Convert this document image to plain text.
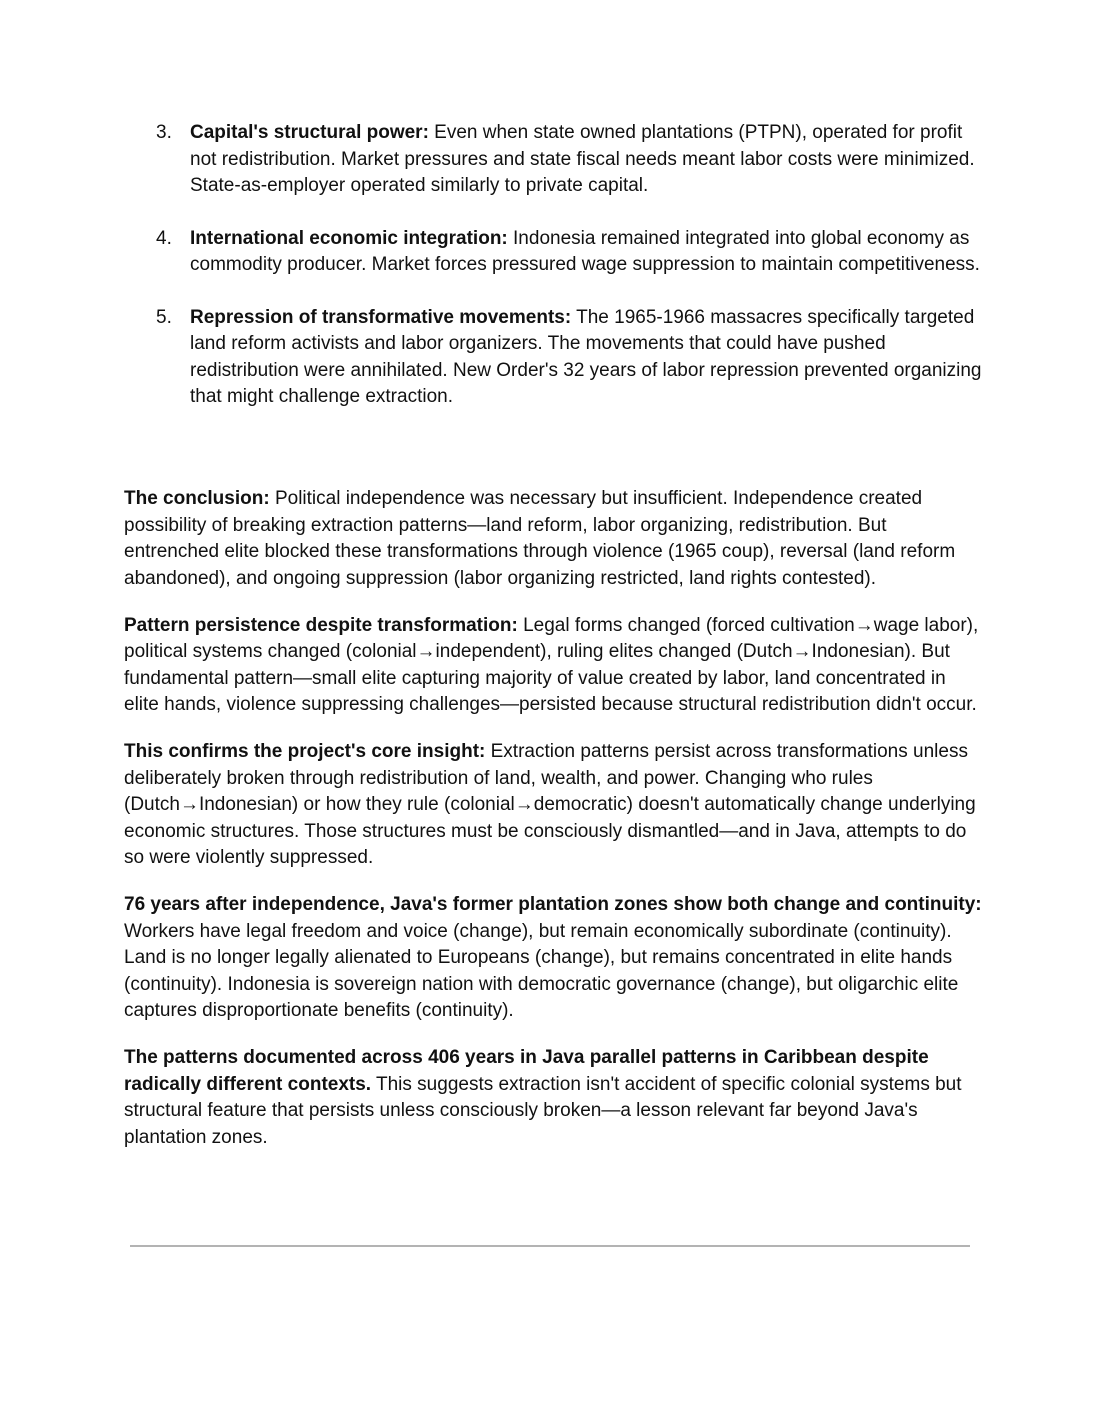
3. Capital's structural power: Even when state owned plantations (PTPN), operated for profit not redistribution. Market pressures and state fiscal needs meant labor costs were minimized. State-as-employer operated similarly to private capital.
4. International economic integration: Indonesia remained integrated into global economy as commodity producer. Market forces pressured wage suppression to maintain competitiveness.
5. Repression of transformative movements: The 1965-1966 massacres specifically targeted land reform activists and labor organizers. The movements that could have pushed redistribution were annihilated. New Order's 32 years of labor repression prevented organizing that might challenge extraction.

The conclusion: Political independence was necessary but insufficient. Independence created possibility of breaking extraction patterns—land reform, labor organizing, redistribution. But entrenched elite blocked these transformations through violence (1965 coup), reversal (land reform abandoned), and ongoing suppression (labor organizing restricted, land rights contested).

Pattern persistence despite transformation: Legal forms changed (forced cultivation→wage labor), political systems changed (colonial→independent), ruling elites changed (Dutch→Indonesian). But fundamental pattern—small elite capturing majority of value created by labor, land concentrated in elite hands, violence suppressing challenges—persisted because structural redistribution didn't occur.

This confirms the project's core insight: Extraction patterns persist across transformations unless deliberately broken through redistribution of land, wealth, and power. Changing who rules (Dutch→Indonesian) or how they rule (colonial→democratic) doesn't automatically change underlying economic structures. Those structures must be consciously dismantled—and in Java, attempts to do so were violently suppressed.

76 years after independence, Java's former plantation zones show both change and continuity: Workers have legal freedom and voice (change), but remain economically subordinate (continuity). Land is no longer legally alienated to Europeans (change), but remains concentrated in elite hands (continuity). Indonesia is sovereign nation with democratic governance (change), but oligarchic elite captures disproportionate benefits (continuity).

The patterns documented across 406 years in Java parallel patterns in Caribbean despite radically different contexts. This suggests extraction isn't accident of specific colonial systems but structural feature that persists unless consciously broken—a lesson relevant far beyond Java's plantation zones.
